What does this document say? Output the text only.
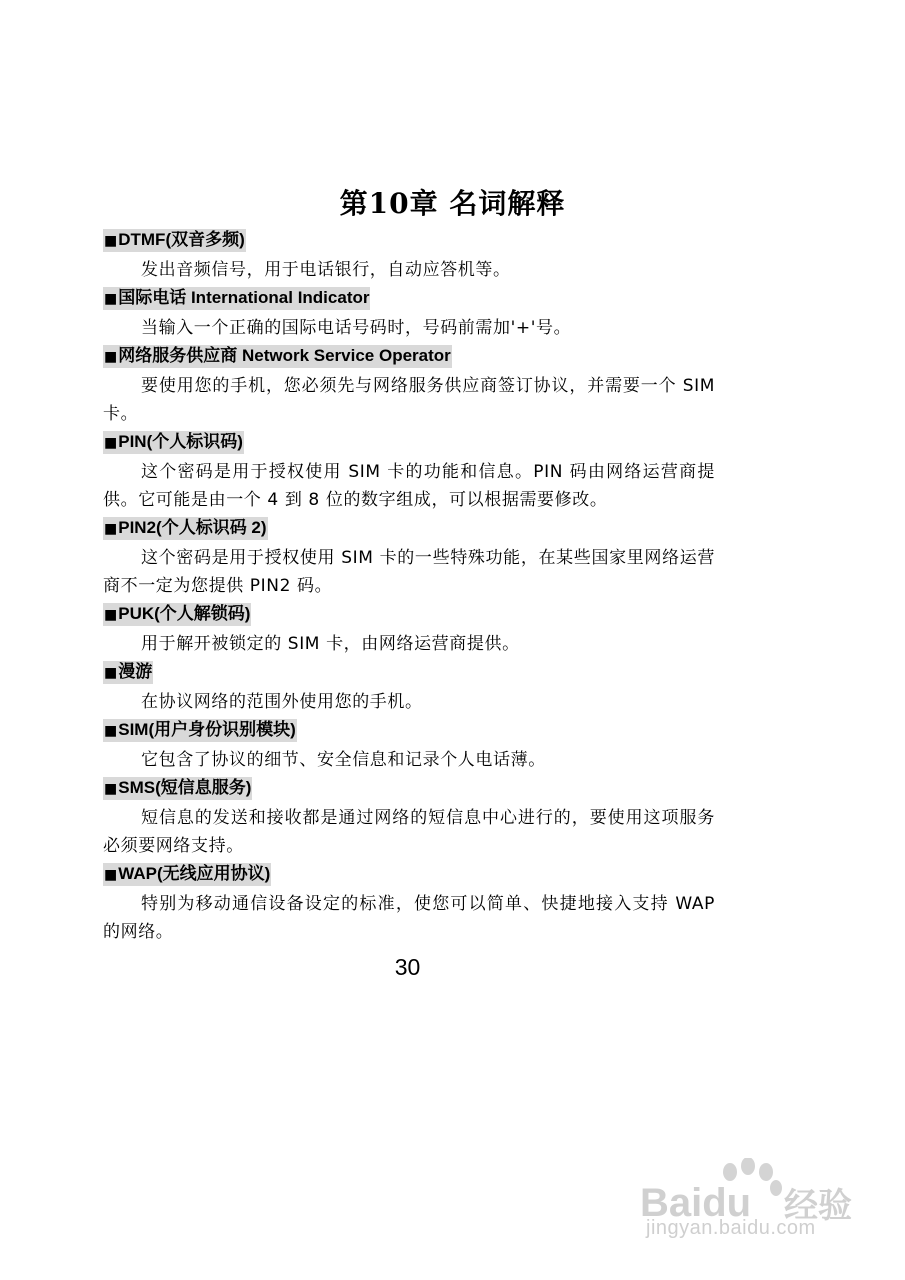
第10章 名词解释
■DTMF(双音多频)

发出音频信号，用于电话银行，自动应答机等。

■国际电话 International Indicator

当输入一个正确的国际电话号码时，号码前需加'+'号。

■网络服务供应商 Network Service Operator

要使用您的手机，您必须先与网络服务供应商签订协议，并需要一个 SIM 卡。

■PIN(个人标识码)

这个密码是用于授权使用 SIM 卡的功能和信息。PIN 码由网络运营商提供。它可能是由一个 4 到 8 位的数字组成，可以根据需要修改。

■PIN2(个人标识码 2)

这个密码是用于授权使用 SIM 卡的一些特殊功能，在某些国家里网络运营商不一定为您提供 PIN2 码。

■PUK(个人解锁码)

用于解开被锁定的 SIM 卡，由网络运营商提供。

■漫游

在协议网络的范围外使用您的手机。

■SIM(用户身份识别模块)

它包含了协议的细节、安全信息和记录个人电话薄。

■SMS(短信息服务)

短信息的发送和接收都是通过网络的短信息中心进行的，要使用这项服务必须要网络支持。

■WAP(无线应用协议)

特别为移动通信设备设定的标准，使您可以简单、快捷地接入支持 WAP 的网络。

30
Baidu 经验
jingyan.baidu.com
